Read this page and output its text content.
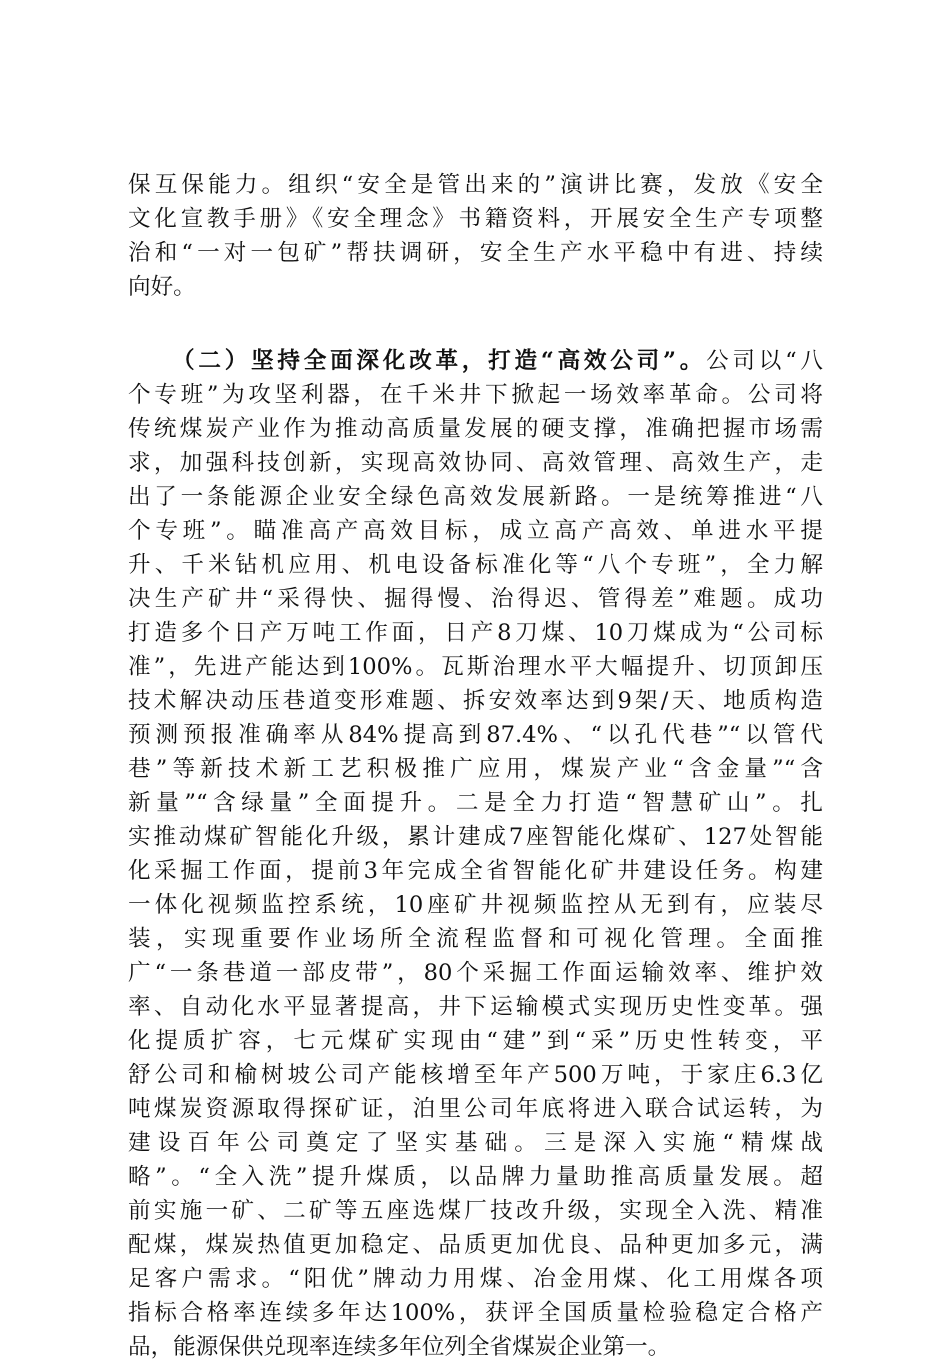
保互保能力。组织“安全是管出来的”演讲比赛，发放《安全
文化宣教手册》《安全理念》书籍资料，开展安全生产专项整
治和“一对一包矿”帮扶调研，安全生产水平稳中有进、持续
向好。
（二）坚持全面深化改革，打造“高效公司”。公司以“八
个专班”为攻坚利器，在千米井下掀起一场效率革命。公司将
传统煤炭产业作为推动高质量发展的硬支撑，准确把握市场需
求，加强科技创新，实现高效协同、高效管理、高效生产，走
出了一条能源企业安全绿色高效发展新路。一是统筹推进“八
个专班”。瞄准高产高效目标，成立高产高效、单进水平提
升、千米钻机应用、机电设备标准化等“八个专班”，全力解
决生产矿井“采得快、掘得慢、治得迟、管得差”难题。成功
打造多个日产万吨工作面，日产8刀煤、10刀煤成为“公司标
准”，先进产能达到100%。瓦斯治理水平大幅提升、切顶卸压
技术解决动压巷道变形难题、拆安效率达到9架/天、地质构造
预测预报准确率从84%提高到87.4%、“以孔代巷”“以管代
巷”等新技术新工艺积极推广应用，煤炭产业“含金量”“含
新量”“含绿量”全面提升。二是全力打造“智慧矿山”。扎
实推动煤矿智能化升级，累计建成7座智能化煤矿、127处智能
化采掘工作面，提前3年完成全省智能化矿井建设任务。构建
一体化视频监控系统，10座矿井视频监控从无到有，应装尽
装，实现重要作业场所全流程监督和可视化管理。全面推
广“一条巷道一部皮带”，80个采掘工作面运输效率、维护效
率、自动化水平显著提高，井下运输模式实现历史性变革。强
化提质扩容，七元煤矿实现由“建”到“采”历史性转变，平
舒公司和榆树坡公司产能核增至年产500万吨，于家庄6.3亿
吨煤炭资源取得探矿证，泊里公司年底将进入联合试运转，为
建设百年公司奠定了坚实基础。三是深入实施“精煤战
略”。“全入洗”提升煤质，以品牌力量助推高质量发展。超
前实施一矿、二矿等五座选煤厂技改升级，实现全入洗、精准
配煤，煤炭热值更加稳定、品质更加优良、品种更加多元，满
足客户需求。“阳优”牌动力用煤、冶金用煤、化工用煤各项
指标合格率连续多年达100%，获评全国质量检验稳定合格产
品，能源保供兑现率连续多年位列全省煤炭企业第一。
